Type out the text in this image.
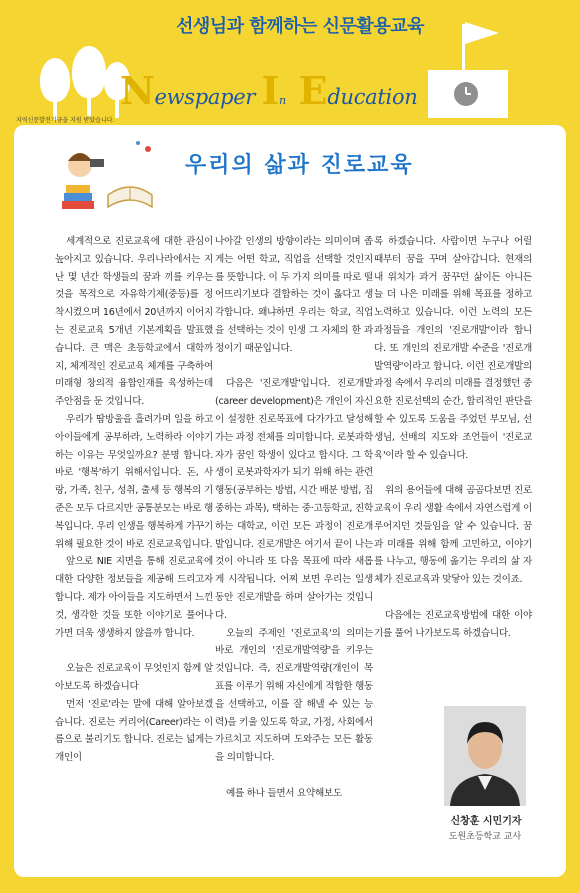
선생님과 함께하는 신문활용교육
Newspaper In Education
지역신문발전기금을 지원 받았습니다.
우리의 삶과 진로교육

세계적으로 진로교육에 대한 관심이 높아지고 있습니다. 우리나라에서는 지난 몇 년간 학생들의 꿈과 끼를 키우는 것을 목적으로 자유학기제(중등)를 정착시켰으며 16년에서 20년까지 이어지는 진로교육 5개년 기본계획을 발표했습니다. 큰 맥은 초등학교에서 대학까지, 체계적인 진로교육 체계를 구축하여 미래형 창의적 융합인재를 육성하는데 주안점을 둔 것입니다.

우리가 땀방울을 흘려가며 일을 하고 아이들에게 공부하라, 노력하라 이야기하는 이유는 무엇일까요? 분명 합니다. 바로 '행복'하기 위해서입니다. 돈, 사랑, 가족, 친구, 성취, 출세 등 행복의 기준은 모두 다르지만 공통분모는 바로 행복입니다. 우리 인생을 행복하게 가꾸기 위해 필요한 것이 바로 진로교육입니다.

앞으로 NIE 지면을 통해 진로교육에 대한 다양한 정보들을 제공해 드리고자 합니다. 제가 아이들을 지도하면서 느낀 것, 생각한 것들 또한 이야기로 풀어나가면 더욱 생생하지 않을까 합니다.

오늘은 진로교육이 무엇인지 함께 알아보도록 하겠습니다

먼저 '진로'라는 말에 대해 알아보겠습니다. 진로는 커리어(Career)라는 이름으로 불리기도 합니다. 진로는 넓게는 개인이

나아갈 인생의 방향이라는 의미이며 좁게는 어떤 학교, 직업을 선택할 것인지를 뜻합니다. 이 두 가지 의미를 따로 떨어뜨리기보다 결합하는 것이 옳다고 생각합니다. 왜냐하면 우리는 학교, 직업을 선택하는 것이 인생 그 자체의 한 과정이기 때문입니다.

다음은 '진로개발'입니다. 진로개발(career development)은 개인이 자신이 설정한 진로목표에 다가가고 달성해가는 과정 전체를 의미합니다. 로봇과학자가 꿈인 학생이 있다고 합시다. 그 학생이 로봇과학자가 되기 위해 하는 관련 행동(공부하는 방법, 시간 배분 방법, 집중하는 과목), 택하는 중·고등학교, 진학하는 대학교, 이런 모든 과정이 진로개발입니다. 진로개발은 여기서 끝이 나는 것이 아니라 또 다음 목표에 따라 새롭게 시작됩니다. 어찌 보면 우리는 일생동안 진로개발을 하며 살아가는 것입니다.

오늘의 주제인 '진로교육'의 의미는 바로 개인의 '진로개발역량'을 키우는 것입니다. 즉, 진로개발역량(개인이 목표를 이루기 위해 자신에게 적합한 행동을 선택하고, 이를 잘 해낼 수 있는 능력)을 키울 있도록 학교, 가정, 사회에서 가르치고 지도하며 도와주는 모든 활동을 의미합니다.

예를 하나 들면서 요약해보도

록 하겠습니다. 사람이면 누구나 어릴 때부터 꿈을 꾸며 살아갑니다. 현재의 내 위치가 과거 꿈꾸던 삶이든 아니든 늘 더 나은 미래를 위해 목표를 정하고 노력하고 있습니다. 이런 노력의 모든 과정들을 개인의 '진로개발'이라 합니다. 또 개인의 진로개발 수준을 '진로개발역량'이라고 합니다. 이런 진로개발의 과정 속에서 우리의 미래를 결정했던 중요한 진로선택의 순간, 합리적인 판단을 할 수 있도록 도움을 주었던 부모님, 선생님, 선배의 지도와 조언들이 '진로교육'이라 할 수 있습니다.

위의 용어들에 대해 곰곰다보면 진로교육이 우리 생활 속에서 자연스럽게 이루어지던 것들임을 알 수 있습니다. 꿈과 미래를 위해 함께 고민하고, 이야기를 나누고, 행동에 옮기는 우리의 삶 자체가 진로교육과 맞닿아 있는 것이죠.

다음에는 진로교육방법에 대한 이야기를 풀어 나가보도록 하겠습니다.

신창훈 시민기자
도원초등학교 교사
